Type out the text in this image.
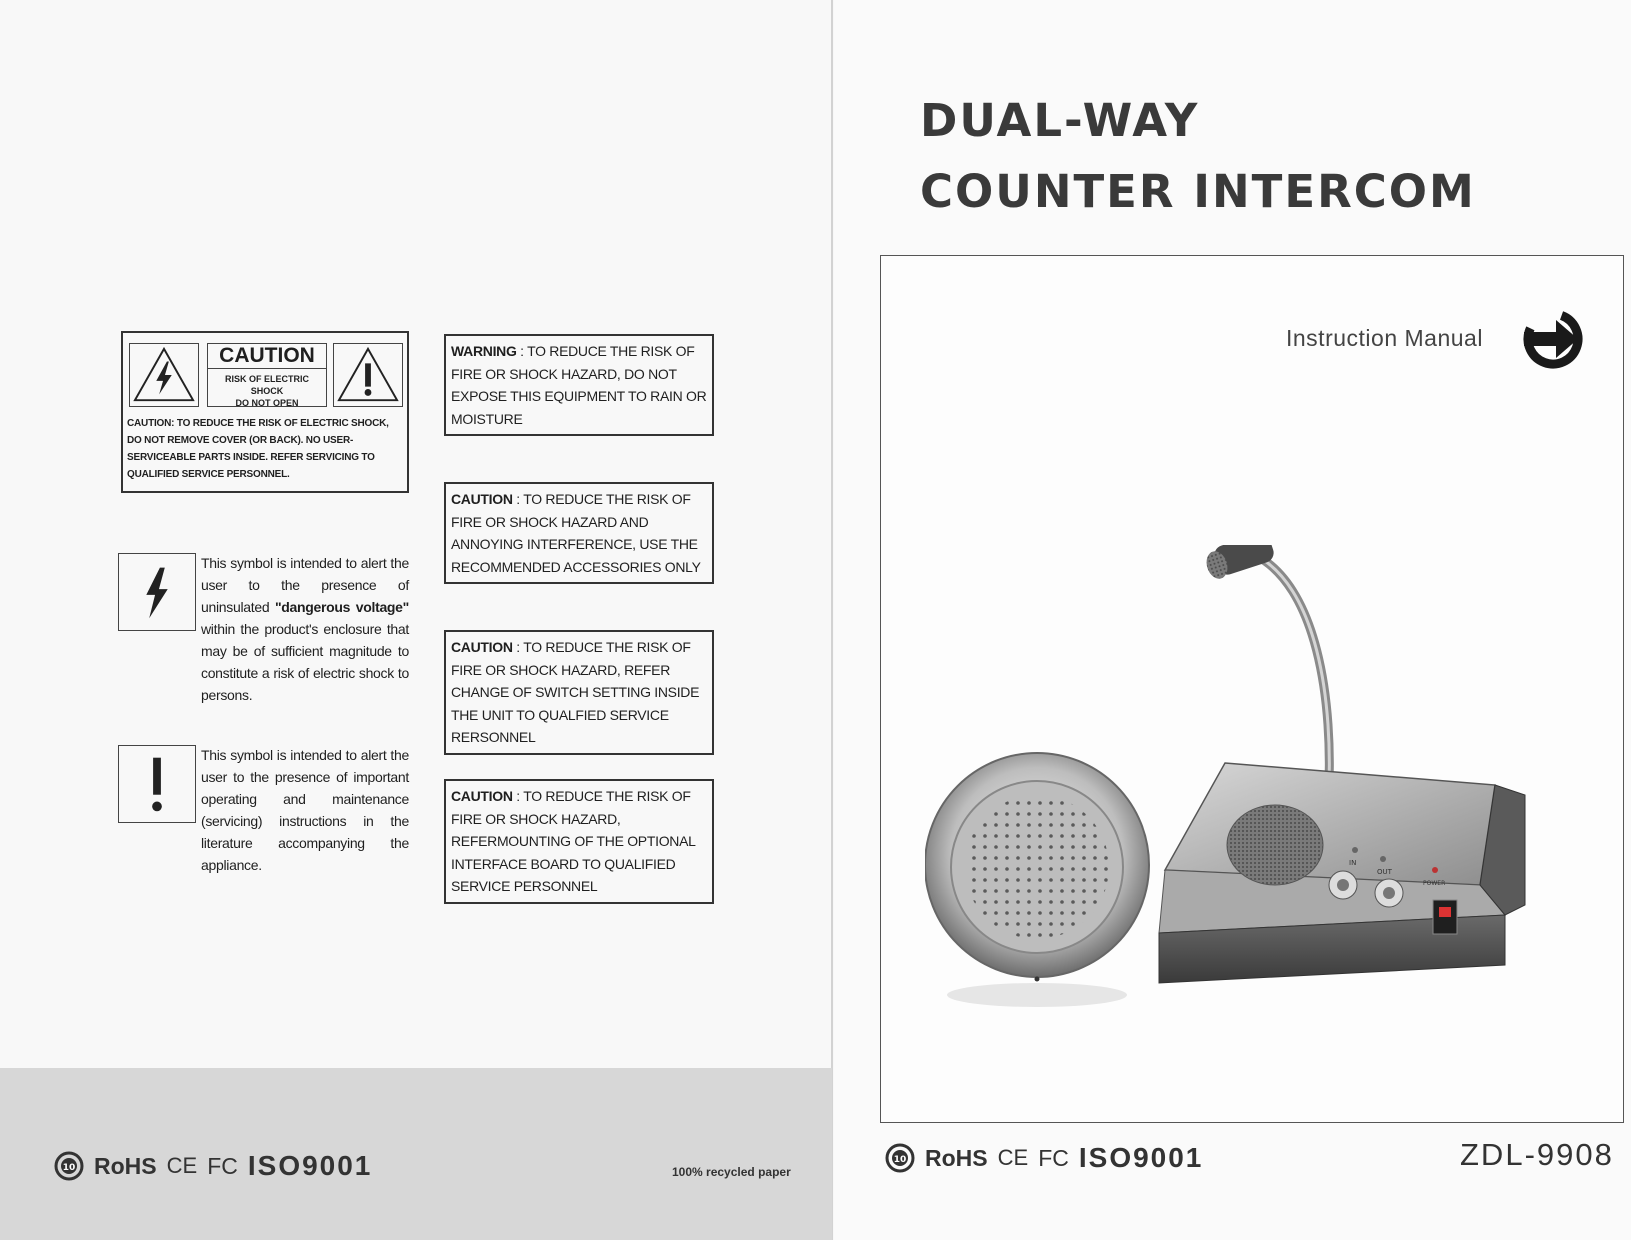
CAUTION
RISK OF ELECTRIC SHOCK
DO NOT OPEN
CAUTION: TO REDUCE THE RISK OF ELECTRIC SHOCK, DO NOT REMOVE COVER (OR BACK). NO USER-SERVICEABLE PARTS INSIDE. REFER SERVICING TO QUALIFIED SERVICE PERSONNEL.
This symbol is intended to alert the user to the presence of uninsulated "dangerous voltage" within the product's enclosure that may be of sufficient magnitude to constitute a risk of electric shock to persons.
This symbol is intended to alert the user to the presence of important operating and maintenance (servicing) instructions in the literature accompanying the appliance.
WARNING : TO REDUCE THE RISK OF FIRE OR SHOCK HAZARD, DO NOT EXPOSE THIS EQUIPMENT TO RAIN OR MOISTURE
CAUTION : TO REDUCE THE RISK OF FIRE OR SHOCK HAZARD AND ANNOYING INTERFERENCE, USE THE RECOMMENDED ACCESSORIES ONLY
CAUTION : TO REDUCE THE RISK OF FIRE OR SHOCK HAZARD, REFER CHANGE OF SWITCH SETTING INSIDE THE UNIT TO QUALFIED SERVICE RERSONNEL
CAUTION : TO REDUCE THE RISK OF FIRE OR SHOCK HAZARD, REFERMOUNTING OF THE OPTIONAL INTERFACE BOARD TO QUALIFIED SERVICE PERSONNEL
10 RoHS CE FC ISO9001	100% recycled paper
DUAL-WAY
COUNTER INTERCOM
Instruction Manual
IN
OUT
POWER
10 RoHS CE FC ISO9001	ZDL-9908
